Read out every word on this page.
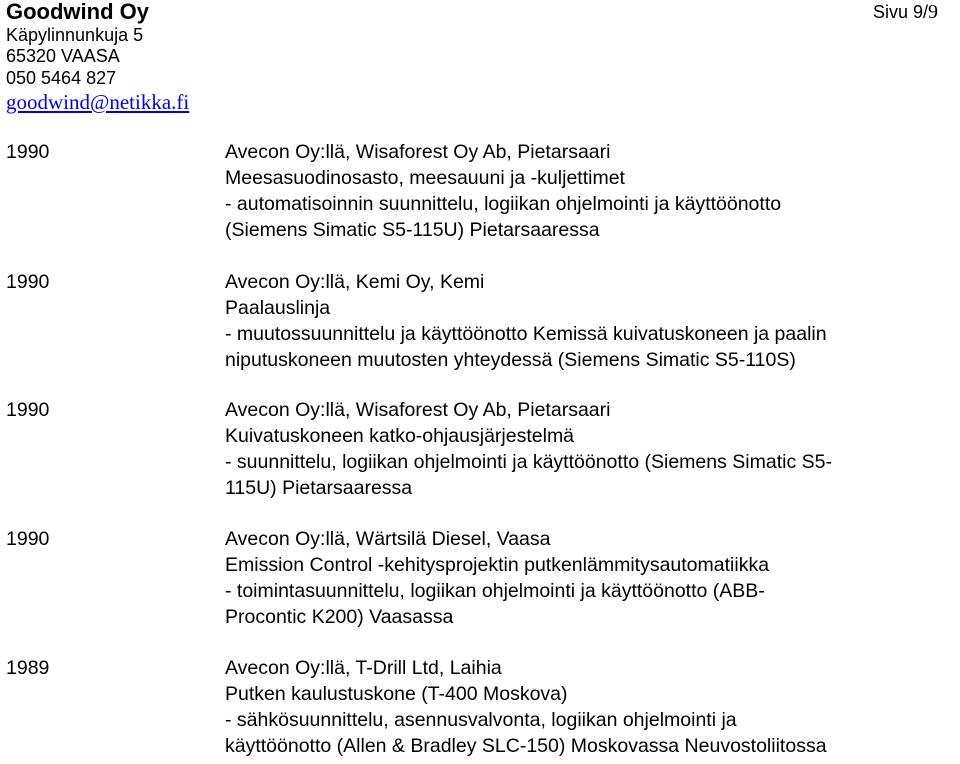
Goodwind Oy	Sivu 9/9
Käpylinnunkuja 5
65320 VAASA
050 5464 827
goodwind@netikka.fi
1990	Avecon Oy:llä, Wisaforest Oy Ab, Pietarsaari
Meesasuodinosasto, meesauuni ja -kuljettimet
- automatisoinnin suunnittelu, logiikan ohjelmointi ja käyttöönotto
(Siemens Simatic S5-115U) Pietarsaaressa
1990	Avecon Oy:llä, Kemi Oy, Kemi
Paalauslinja
- muutossuunnittelu ja käyttöönotto Kemissä kuivatuskoneen ja paalin
niputuskoneen muutosten yhteydessä (Siemens Simatic S5-110S)
1990	Avecon Oy:llä, Wisaforest Oy Ab, Pietarsaari
Kuivatuskoneen katko-ohjausjärjestelmä
- suunnittelu, logiikan ohjelmointi ja käyttöönotto (Siemens Simatic S5-
115U) Pietarsaaressa
1990	Avecon Oy:llä, Wärtsilä Diesel, Vaasa
Emission Control -kehitysprojektin putkenlämmitysautomatiikka
- toimintasuunnittelu, logiikan ohjelmointi ja käyttöönotto (ABB-
Procontic K200) Vaasassa
1989	Avecon Oy:llä, T-Drill Ltd, Laihia
Putken kaulustuskone (T-400 Moskova)
- sähkösuunnittelu, asennusvalvonta, logiikan ohjelmointi ja
käyttöönotto (Allen & Bradley SLC-150) Moskovassa Neuvostoliitossa
